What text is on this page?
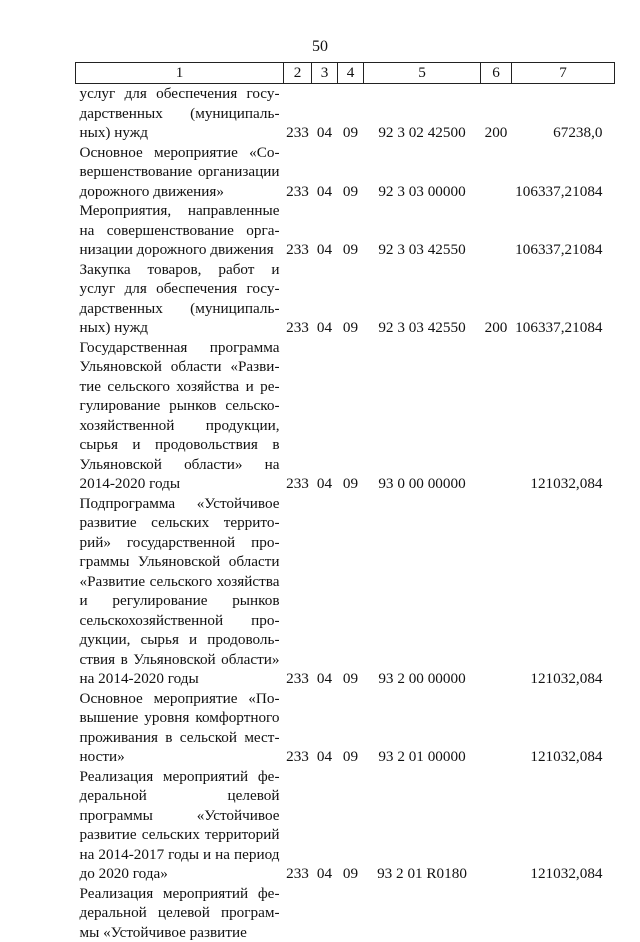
50
1	2	3	4	5	6	7
услуг для обеспечения государственных (муниципальных) нужд	233	04	09	92 3 02 42500	200	67238,0
Основное мероприятие «Совершенствование организации дорожного движения»	233	04	09	92 3 03 00000		106337,21084
Мероприятия, направленные на совершенствование организации дорожного движения	233	04	09	92 3 03 42550		106337,21084
Закупка товаров, работ и услуг для обеспечения государственных (муниципальных) нужд	233	04	09	92 3 03 42550	200	106337,21084
Государственная программа Ульяновской области «Развитие сельского хозяйства и регулирование рынков сельскохозяйственной продукции, сырья и продовольствия в Ульяновской области» на 2014-2020 годы	233	04	09	93 0 00 00000		121032,084
Подпрограмма «Устойчивое развитие сельских территорий» государственной программы Ульяновской области «Развитие сельского хозяйства и регулирование рынков сельскохозяйственной продукции, сырья и продовольствия в Ульяновской области» на 2014-2020 годы	233	04	09	93 2 00 00000		121032,084
Основное мероприятие «Повышение уровня комфортного проживания в сельской местности»	233	04	09	93 2 01 00000		121032,084
Реализация мероприятий федеральной целевой программы «Устойчивое развитие сельских территорий на 2014-2017 годы и на период до 2020 года»	233	04	09	93 2 01 R0180		121032,084
Реализация мероприятий федеральной целевой программы «Устойчивое развитие						
